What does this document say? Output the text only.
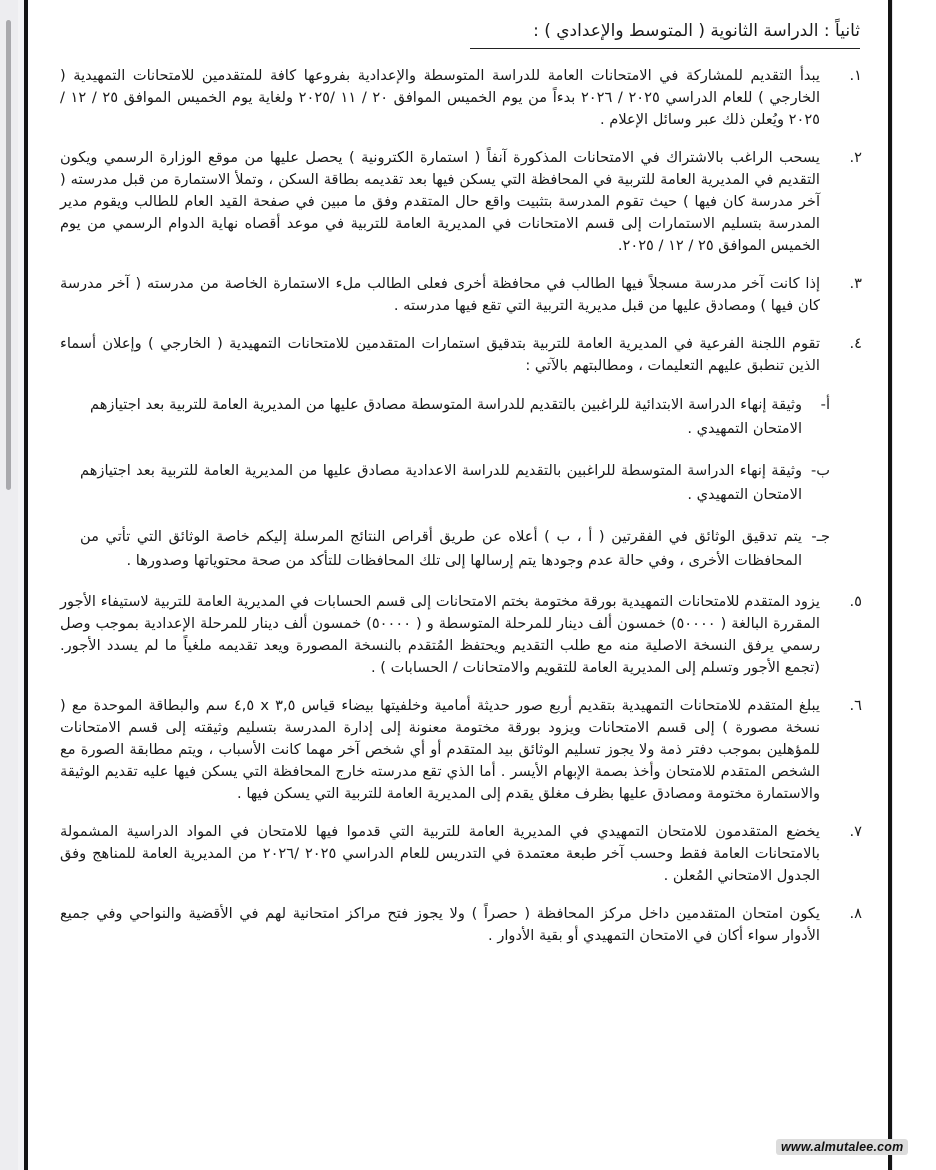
ثانياً : الدراسة الثانوية ( المتوسط والإعدادي ) :
١.
يبدأ التقديم للمشاركة في الامتحانات العامة للدراسة المتوسطة والإعدادية بفروعها كافة للمتقدمين للامتحانات التمهيدية ( الخارجي ) للعام الدراسي ٢٠٢٥ / ٢٠٢٦ بدءاً من يوم الخميس الموافق ٢٠ / ١١ /٢٠٢٥ ولغاية يوم الخميس الموافق ٢٥ / ١٢ / ٢٠٢٥ ويُعلن ذلك عبر وسائل الإعلام .
٢.
يسحب الراغب بالاشتراك في الامتحانات المذكورة آنفاً ( استمارة الكترونية ) يحصل عليها من موقع الوزارة الرسمي ويكون التقديم في المديرية العامة للتربية في المحافظة التي يسكن فيها بعد تقديمه بطاقة السكن ، وتملأ الاستمارة من قبل مدرسته ( آخر مدرسة كان فيها ) حيث تقوم المدرسة بتثبيت واقع حال المتقدم وفق ما مبين في صفحة القيد العام للطالب ويقوم مدير المدرسة بتسليم الاستمارات إلى قسم الامتحانات في المديرية العامة للتربية في موعد أقصاه نهاية الدوام الرسمي من يوم الخميس الموافق ٢٥ / ١٢ / ٢٠٢٥.
٣.
إذا كانت آخر مدرسة مسجلاً فيها الطالب في محافظة أخرى فعلى الطالب ملء الاستمارة الخاصة من مدرسته ( آخر مدرسة كان فيها ) ومصادق عليها من قبل مديرية التربية التي تقع فيها مدرسته .
٤.
تقوم اللجنة الفرعية في المديرية العامة للتربية بتدقيق استمارات المتقدمين للامتحانات التمهيدية ( الخارجي ) وإعلان أسماء الذين تنطبق عليهم التعليمات ، ومطالبتهم بالآتي :
أ-
وثيقة إنهاء الدراسة الابتدائية للراغبين بالتقديم للدراسة المتوسطة مصادق عليها من المديرية العامة للتربية بعد اجتيازهم الامتحان التمهيدي .
ب-
وثيقة إنهاء الدراسة المتوسطة للراغبين بالتقديم للدراسة الاعدادية مصادق عليها من المديرية العامة للتربية بعد اجتيازهم الامتحان التمهيدي .
جـ-
يتم تدقيق الوثائق في الفقرتين ( أ ، ب ) أعلاه عن طريق أقراص النتائج المرسلة إليكم خاصة الوثائق التي تأتي من المحافظات الأخرى ، وفي حالة عدم وجودها يتم إرسالها إلى تلك المحافظات للتأكد من صحة محتوياتها وصدورها .
٥.
يزود المتقدم للامتحانات التمهيدية بورقة مختومة بختم الامتحانات إلى قسم الحسابات في المديرية العامة للتربية لاستيفاء الأجور المقررة البالغة ( ٥٠٠٠٠) خمسون ألف دينار للمرحلة المتوسطة و ( ٥٠٠٠٠) خمسون ألف دينار للمرحلة الإعدادية بموجب وصل رسمي يرفق النسخة الاصلية منه مع طلب التقديم ويحتفظ المُتقدم بالنسخة المصورة ويعد تقديمه ملغياً ما لم يسدد الأجور. (تجمع الأجور وتسلم إلى المديرية العامة للتقويم والامتحانات / الحسابات ) .
٦.
يبلغ المتقدم للامتحانات التمهيدية بتقديم أربع صور حديثة أمامية وخلفيتها بيضاء قياس ٣,٥ x ٤,٥ سم والبطاقة الموحدة مع ( نسخة مصورة ) إلى قسم الامتحانات ويزود بورقة مختومة معنونة إلى إدارة المدرسة بتسليم وثيقته إلى قسم الامتحانات للمؤهلين بموجب دفتر ذمة ولا يجوز تسليم الوثائق بيد المتقدم أو أي شخص آخر مهما كانت الأسباب ، ويتم مطابقة الصورة مع الشخص المتقدم للامتحان وأخذ بصمة الإبهام الأيسر . أما الذي تقع مدرسته خارج المحافظة التي يسكن فيها عليه تقديم الوثيقة والاستمارة مختومة ومصادق عليها بظرف مغلق يقدم إلى المديرية العامة للتربية التي يسكن فيها .
٧.
يخضع المتقدمون للامتحان التمهيدي في المديرية العامة للتربية التي قدموا فيها للامتحان في المواد الدراسية المشمولة بالامتحانات العامة فقط وحسب آخر طبعة معتمدة في التدريس للعام الدراسي ٢٠٢٥ /٢٠٢٦ من المديرية العامة للمناهج وفق الجدول الامتحاني المُعلن .
٨.
يكون امتحان المتقدمين داخل مركز المحافظة ( حصراً ) ولا يجوز فتح مراكز امتحانية لهم في الأقضية والنواحي وفي جميع الأدوار سواء أكان في الامتحان التمهيدي أو بقية الأدوار .
www.almutalee.com
